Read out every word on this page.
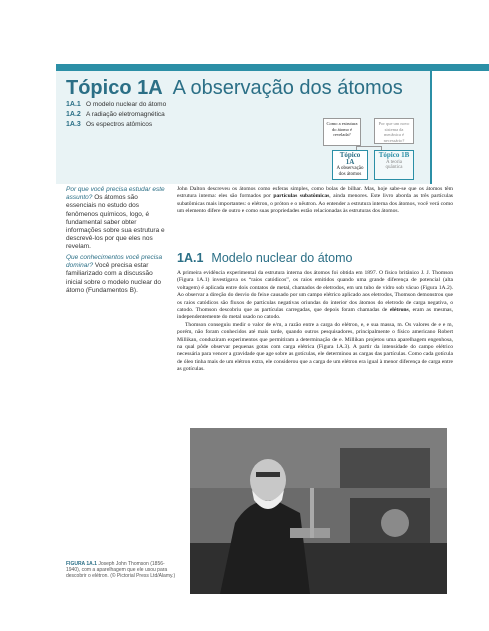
Tópico 1A A observação dos átomos
1A.1 O modelo nuclear do átomo
1A.2 A radiação eletromagnética
1A.3 Os espectros atômicos	Como a estrutura do átomo é revelada?
Por que um novo sistema da mecânica é necessário?
Tópico 1A
A observação dos átomos
Tópico 1B
A teoria quântica
Por que você precisa estudar este assunto? Os átomos são essenciais no estudo dos fenômenos químicos, logo, é fundamental saber obter informações sobre sua estrutura e descrevê-los por que eles nos revelam.
Que conhecimentos você precisa dominar? Você precisa estar familiarizado com a discussão inicial sobre o modelo nuclear do átomo (Fundamentos B).
John Dalton descreveu os átomos como esferas simples, como bolas de bilhar. Mas, hoje sabe-se que os átomos têm estrutura interna: eles são formados por partículas subatômicas, ainda menores. Este livro aborda as três partículas subatômicas mais importantes: o elétron, o próton e o nêutron. Ao entender a estrutura interna dos átomos, você verá como um elemento difere de outro e como suas propriedades estão relacionadas às estruturas dos átomos.
1A.1 Modelo nuclear do átomo
A primeira evidência experimental da estrutura interna dos átomos foi obtida em 1897. O físico britânico J. J. Thomson (Figura 1A.1) investigava os “raios catódicos”, os raios emitidos quando uma grande diferença de potencial (alta voltagem) é aplicada entre dois contatos de metal, chamados de eletrodos, em um tubo de vidro sob vácuo (Figura 1A.2). Ao observar a direção do desvio do feixe causado por um campo elétrico aplicado aos eletrodos, Thomson demonstrou que os raios catódicos são fluxos de partículas negativas oriundas do interior dos átomos do eletrodo de carga negativa, o catodo. Thomson descobriu que as partículas carregadas, que depois foram chamadas de elétrons, eram as mesmas, independentemente do metal usado no catodo.
Thomson conseguiu medir o valor de e/m, a razão entre a carga do elétron, e, e sua massa, m. Os valores de e e m, porém, não foram conhecidos até mais tarde, quando outros pesquisadores, principalmente o físico americano Robert Millikan, conduziram experimentos que permitiram a determinação de e. Millikan projetou uma aparelhagem engenhosa, na qual pôde observar pequenas gotas com carga elétrica (Figura 1A.3). A partir da intensidade do campo elétrico necessária para vencer a gravidade que age sobre as gotículas, ele determinou as cargas das partículas. Como cada gotícula de óleo tinha mais de um elétron extra, ele considerou que a carga de um elétron era igual à menor diferença de carga entre as gotículas.
FIGURA 1A.1 Joseph John Thomson (1856-1940), com a aparelhagem que ele usou para descobrir o elétron. (© Pictorial Press Ltd/Alamy.)
